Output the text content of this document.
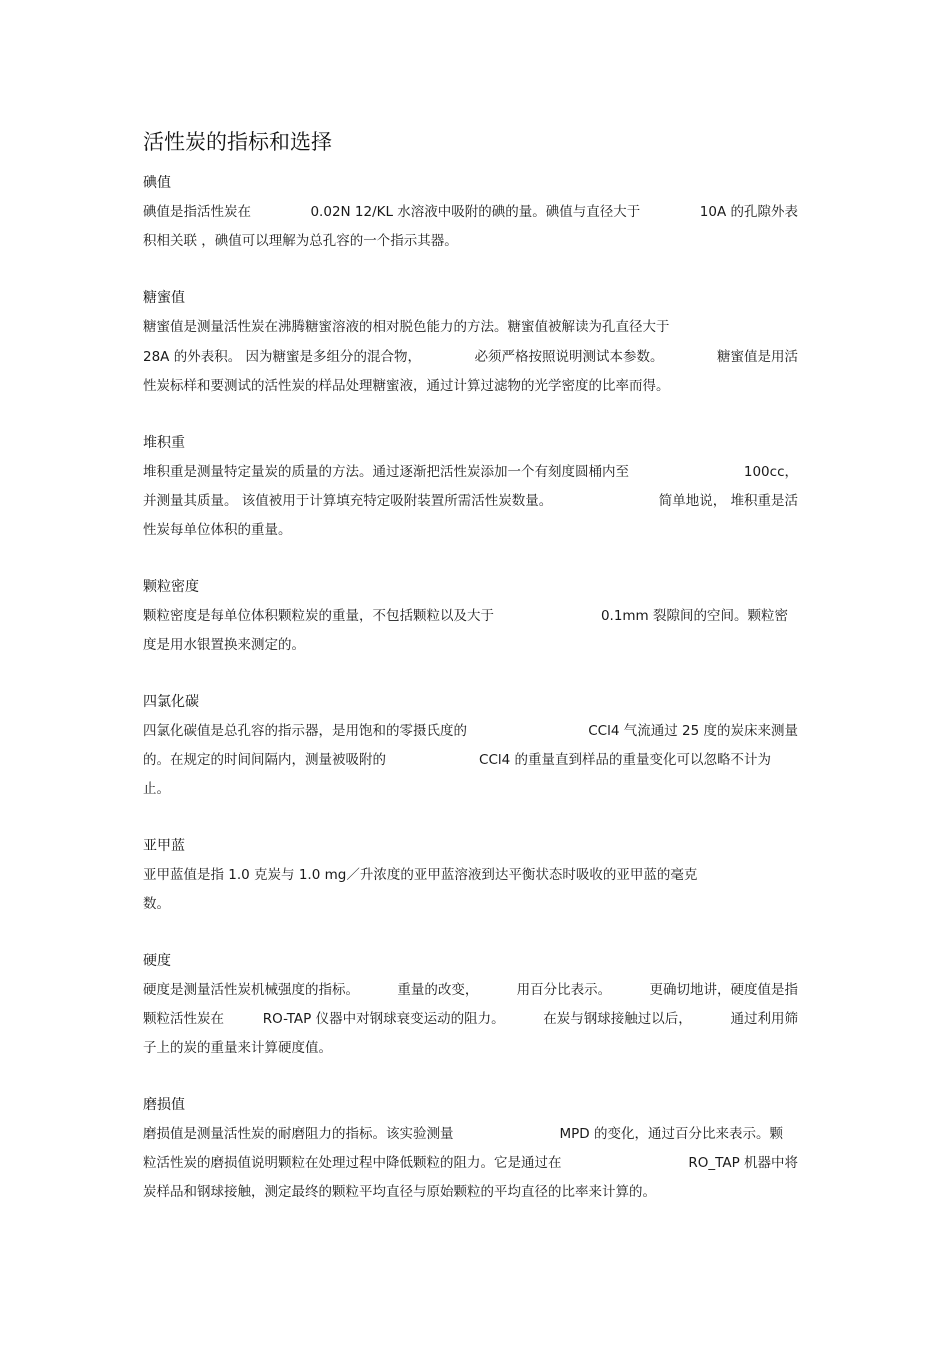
活性炭的指标和选择
碘值
碘值是指活性炭在	0.02N 12/KL 水溶液中吸附的碘的量。碘值与直径大于	10A 的孔隙外表
积相关联 ，碘值可以理解为总孔容的一个指示其器。
糖蜜值
糖蜜值是测量活性炭在沸腾糖蜜溶液的相对脱色能力的方法。糖蜜值被解读为孔直径大于
28A 的外表积。 因为糖蜜是多组分的混合物，	必须严格按照说明测试本参数。	糖蜜值是用活
性炭标样和要测试的活性炭的样品处理糖蜜液，通过计算过滤物的光学密度的比率而得。
堆积重
堆积重是测量特定量炭的质量的方法。通过逐渐把活性炭添加一个有刻度圆桶内至	100cc，
并测量其质量。 该值被用于计算填充特定吸附装置所需活性炭数量。	简单地说， 堆积重是活
性炭每单位体积的重量。
颗粒密度
颗粒密度是每单位体积颗粒炭的重量，不包括颗粒以及大于	0.1mm 裂隙间的空间。颗粒密
度是用水银置换来测定的。
四氯化碳
四氯化碳值是总孔容的指示器，是用饱和的零摄氏度的	CCl4 气流通过 25 度的炭床来测量
的。在规定的时间间隔内，测量被吸附的	CCl4 的重量直到样品的重量变化可以忽略不计为
止。
亚甲蓝
亚甲蓝值是指 1.0 克炭与 1.0 mg／升浓度的亚甲蓝溶液到达平衡状态时吸收的亚甲蓝的毫克
数。
硬度
硬度是测量活性炭机械强度的指标。	重量的改变，	用百分比表示。	更确切地讲，硬度值是指
颗粒活性炭在	RO-TAP 仪器中对钢球衰变运动的阻力。	在炭与钢球接触过以后，	通过利用筛
子上的炭的重量来计算硬度值。
磨损值
磨损值是测量活性炭的耐磨阻力的指标。该实验测量	MPD 的变化，通过百分比来表示。颗
粒活性炭的磨损值说明颗粒在处理过程中降低颗粒的阻力。它是通过在	RO_TAP 机器中将
炭样品和钢球接触，测定最终的颗粒平均直径与原始颗粒的平均直径的比率来计算的。
